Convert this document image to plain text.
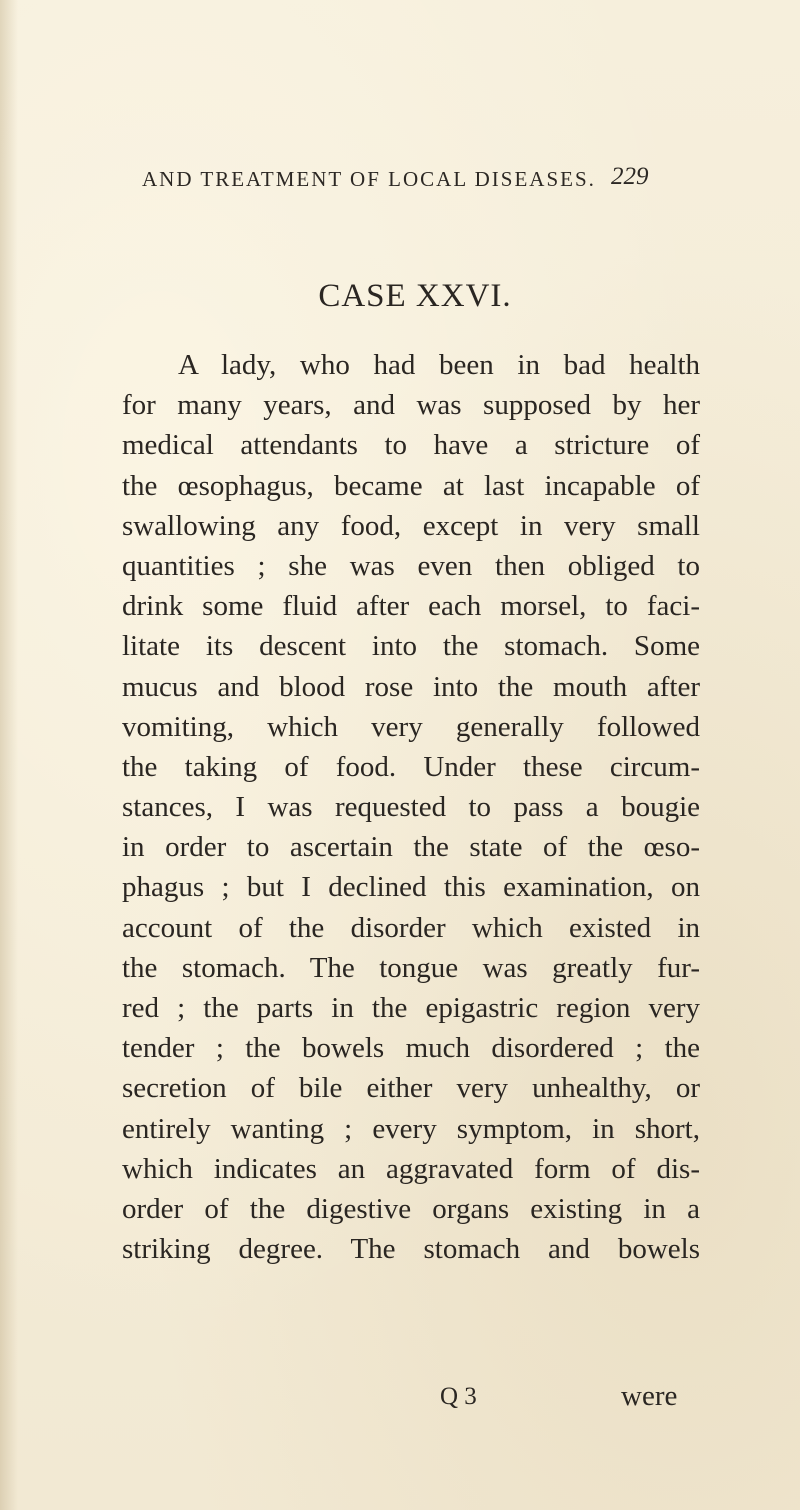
AND TREATMENT OF LOCAL DISEASES. 229
CASE XXVI.
A lady, who had been in bad health
for many years, and was supposed by her
medical attendants to have a stricture of
the œsophagus, became at last incapable of
swallowing any food, except in very small
quantities ; she was even then obliged to
drink some fluid after each morsel, to faci-
litate its descent into the stomach. Some
mucus and blood rose into the mouth after
vomiting, which very generally followed
the taking of food. Under these circum-
stances, I was requested to pass a bougie
in order to ascertain the state of the œso-
phagus ; but I declined this examination, on
account of the disorder which existed in
the stomach. The tongue was greatly fur-
red ; the parts in the epigastric region very
tender ; the bowels much disordered ; the
secretion of bile either very unhealthy, or
entirely wanting ; every symptom, in short,
which indicates an aggravated form of dis-
order of the digestive organs existing in a
striking degree. The stomach and bowels
Q 3	were
